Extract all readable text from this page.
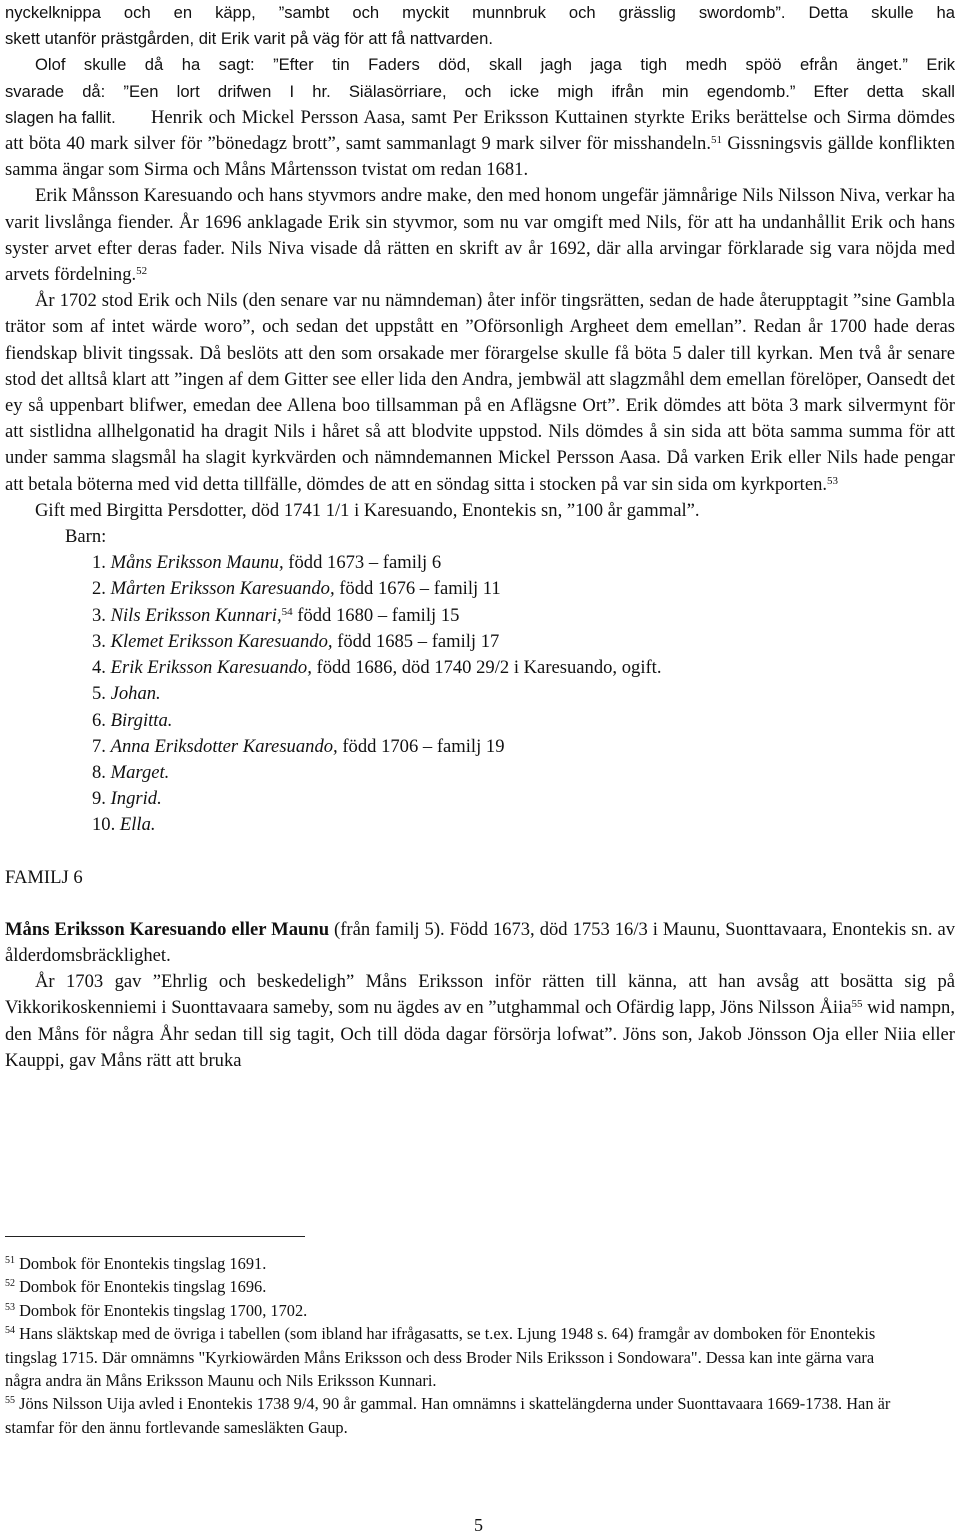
nyckelknippa och en käpp, ”sambt och myckit munnbruk och grässlig swordomb”. Detta skulle ha
skett utanför prästgården, dit Erik varit på väg för att få nattvarden.
Olof skulle då ha sagt: ”Efter tin Faders död, skall jagh jaga tigh medh spöö efrån änget.” Erik
svarade då: ”Een lort drifwen I hr. Siälasörriare, och icke migh ifrån min egendomb.” Efter detta skall
slagen ha fallit.	Henrik och Mickel Persson Aasa, samt Per Eriksson Kuttainen styrkte Eriks berättelse och Sirma dömdes att böta 40 mark silver för ”bönedagz brott”, samt sammanlagt 9 mark silver för misshandeln.$^{51}$ Gissningsvis gällde konflikten samma ängar som Sirma och Måns Mårtensson tvistat om redan 1681.

Erik Månsson Karesuando och hans styvmors andre make, den med honom ungefär jämnårige Nils Nilsson Niva, verkar ha varit livslånga fiender. År 1696 anklagade Erik sin styvmor, som nu var omgift med Nils, för att ha undanhållit Erik och hans syster arvet efter deras fader. Nils Niva visade då rätten en skrift av år 1692, där alla arvingar förklarade sig vara nöjda med arvets fördelning.$^{52}$

År 1702 stod Erik och Nils (den senare var nu nämndeman) åter inför tingsrätten, sedan de hade återupptagit ”sine Gambla trätor som af intet wärde woro”, och sedan det uppstått en ”Oförsonligh Argheet dem emellan”. Redan år 1700 hade deras fiendskap blivit tingssak. Då beslöts att den som orsakade mer förargelse skulle få böta 5 daler till kyrkan. Men två år senare stod det alltså klart att ”ingen af dem Gitter see eller lida den Andra, jembwäl att slagzmåhl dem emellan förelöper, Oansedt det ey så uppenbart blifwer, emedan dee Allena boo tillsamman på en Aflägsne Ort”. Erik dömdes att böta 3 mark silvermynt för att sistlidna allhelgonatid ha dragit Nils i håret så att blodvite uppstod. Nils dömdes å sin sida att böta samma summa för att under samma slagsmål ha slagit kyrkvärden och nämndemannen Mickel Persson Aasa. Då varken Erik eller Nils hade pengar att betala böterna med vid detta tillfälle, dömdes de att en söndag sitta i stocken på var sin sida om kyrkporten.$^{53}$

Gift med Birgitta Persdotter, död 1741 1/1 i Karesuando, Enontekis sn, ”100 år gammal”.

Barn:
1. Måns Eriksson Maunu, född 1673 – familj 6
2. Mårten Eriksson Karesuando, född 1676 – familj 11
3. Nils Eriksson Kunnari,$^{54}$ född 1680 – familj 15
3. Klemet Eriksson Karesuando, född 1685 – familj 17
4. Erik Eriksson Karesuando, född 1686, död 1740 29/2 i Karesuando, ogift.
5. Johan.
6. Birgitta.
7. Anna Eriksdotter Karesuando, född 1706 – familj 19
8. Marget.
9. Ingrid.
10. Ella.
FAMILJ 6

Måns Eriksson Karesuando eller Maunu (från familj 5). Född 1673, död 1753 16/3 i Maunu, Suonttavaara, Enontekis sn. av ålderdomsbräcklighet.

År 1703 gav ”Ehrlig och beskedeligh” Måns Eriksson inför rätten till känna, att han avsåg att bosätta sig på Vikkorikoskenniemi i Suonttavaara sameby, som nu ägdes av en ”utghammal och Ofärdig lapp, Jöns Nilsson Åiia$^{55}$ wid nampn, den Måns för några Åhr sedan till sig tagit, Och till döda dagar försörja lofwat”. Jöns son, Jakob Jönsson Oja eller Niia eller Kauppi, gav Måns rätt att bruka

$^{51}$ Dombok för Enontekis tingslag 1691.

$^{52}$ Dombok för Enontekis tingslag 1696.

$^{53}$ Dombok för Enontekis tingslag 1700, 1702.

$^{54}$ Hans släktskap med de övriga i tabellen (som ibland har ifrågasatts, se t.ex. Ljung 1948 s. 64) framgår av domboken för Enontekis tingslag 1715. Där omnämns "Kyrkiowärden Måns Eriksson och dess Broder Nils Eriksson i Sondowara". Dessa kan inte gärna vara några andra än Måns Eriksson Maunu och Nils Eriksson Kunnari.

$^{55}$ Jöns Nilsson Uija avled i Enontekis 1738 9/4, 90 år gammal. Han omnämns i skattelängderna under Suonttavaara 1669-1738. Han är stamfar för den ännu fortlevande samesläkten Gaup.

5
